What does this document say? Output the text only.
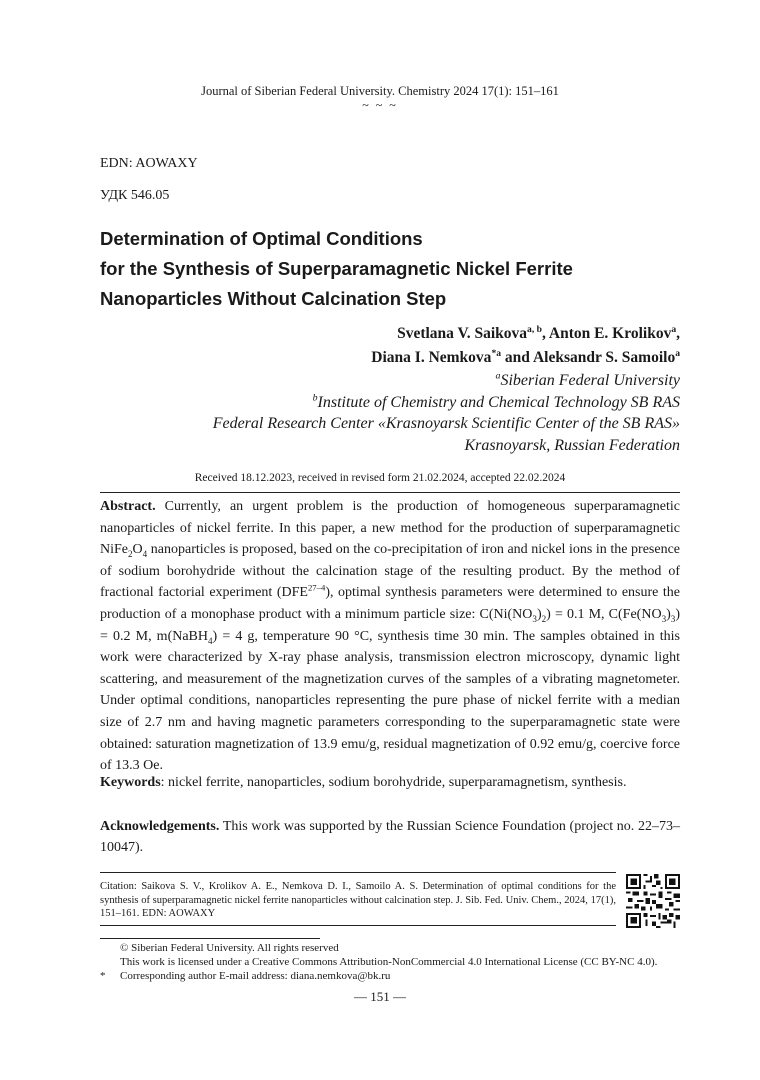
Journal of Siberian Federal University. Chemistry 2024 17(1): 151–161
~ ~ ~
EDN: AOWAXY
УДК 546.05
Determination of Optimal Conditions
for the Synthesis of Superparamagnetic Nickel Ferrite
Nanoparticles Without Calcination Step
Svetlana V. Saikova$^{a, b}$, Anton E. Krolikov$^a$,
Diana I. Nemkova$^{*a}$ and Aleksandr S. Samoilo$^a$
$^a$Siberian Federal University
$^b$Institute of Chemistry and Chemical Technology SB RAS
Federal Research Center «Krasnoyarsk Scientific Center of the SB RAS»
Krasnoyarsk, Russian Federation
Received 18.12.2023, received in revised form 21.02.2024, accepted 22.02.2024
Abstract. Currently, an urgent problem is the production of homogeneous superparamagnetic nanoparticles of nickel ferrite. In this paper, a new method for the production of superparamagnetic $NiFe_2O_4$ nanoparticles is proposed, based on the co-precipitation of iron and nickel ions in the presence of sodium borohydride without the calcination stage of the resulting product. By the method of fractional factorial experiment (DFE$^{27-4}$), optimal synthesis parameters were determined to ensure the production of a monophase product with a minimum particle size: $C(Ni(NO_3)_2) = 0.1$ M, $C(Fe(NO_3)_3) = 0.2$ M, m(NaBH$_4$) = 4 g, temperature 90 °C, synthesis time 30 min. The samples obtained in this work were characterized by X-ray phase analysis, transmission electron microscopy, dynamic light scattering, and measurement of the magnetization curves of the samples of a vibrating magnetometer. Under optimal conditions, nanoparticles representing the pure phase of nickel ferrite with a median size of 2.7 nm and having magnetic parameters corresponding to the superparamagnetic state were obtained: saturation magnetization of 13.9 emu/g, residual magnetization of 0.92 emu/g, coercive force of 13.3 Oe.
Keywords: nickel ferrite, nanoparticles, sodium borohydride, superparamagnetism, synthesis.
Acknowledgements. This work was supported by the Russian Science Foundation (project no. 22–73–10047).
Citation: Saikova S. V., Krolikov A. E., Nemkova D. I., Samoilo A. S. Determination of optimal conditions for the synthesis of superparamagnetic nickel ferrite nanoparticles without calcination step. J. Sib. Fed. Univ. Chem., 2024, 17(1), 151–161. EDN: AOWAXY
© Siberian Federal University. All rights reserved
This work is licensed under a Creative Commons Attribution-NonCommercial 4.0 International License (CC BY-NC 4.0).
* Corresponding author E-mail address: diana.nemkova@bk.ru
— 151 —
